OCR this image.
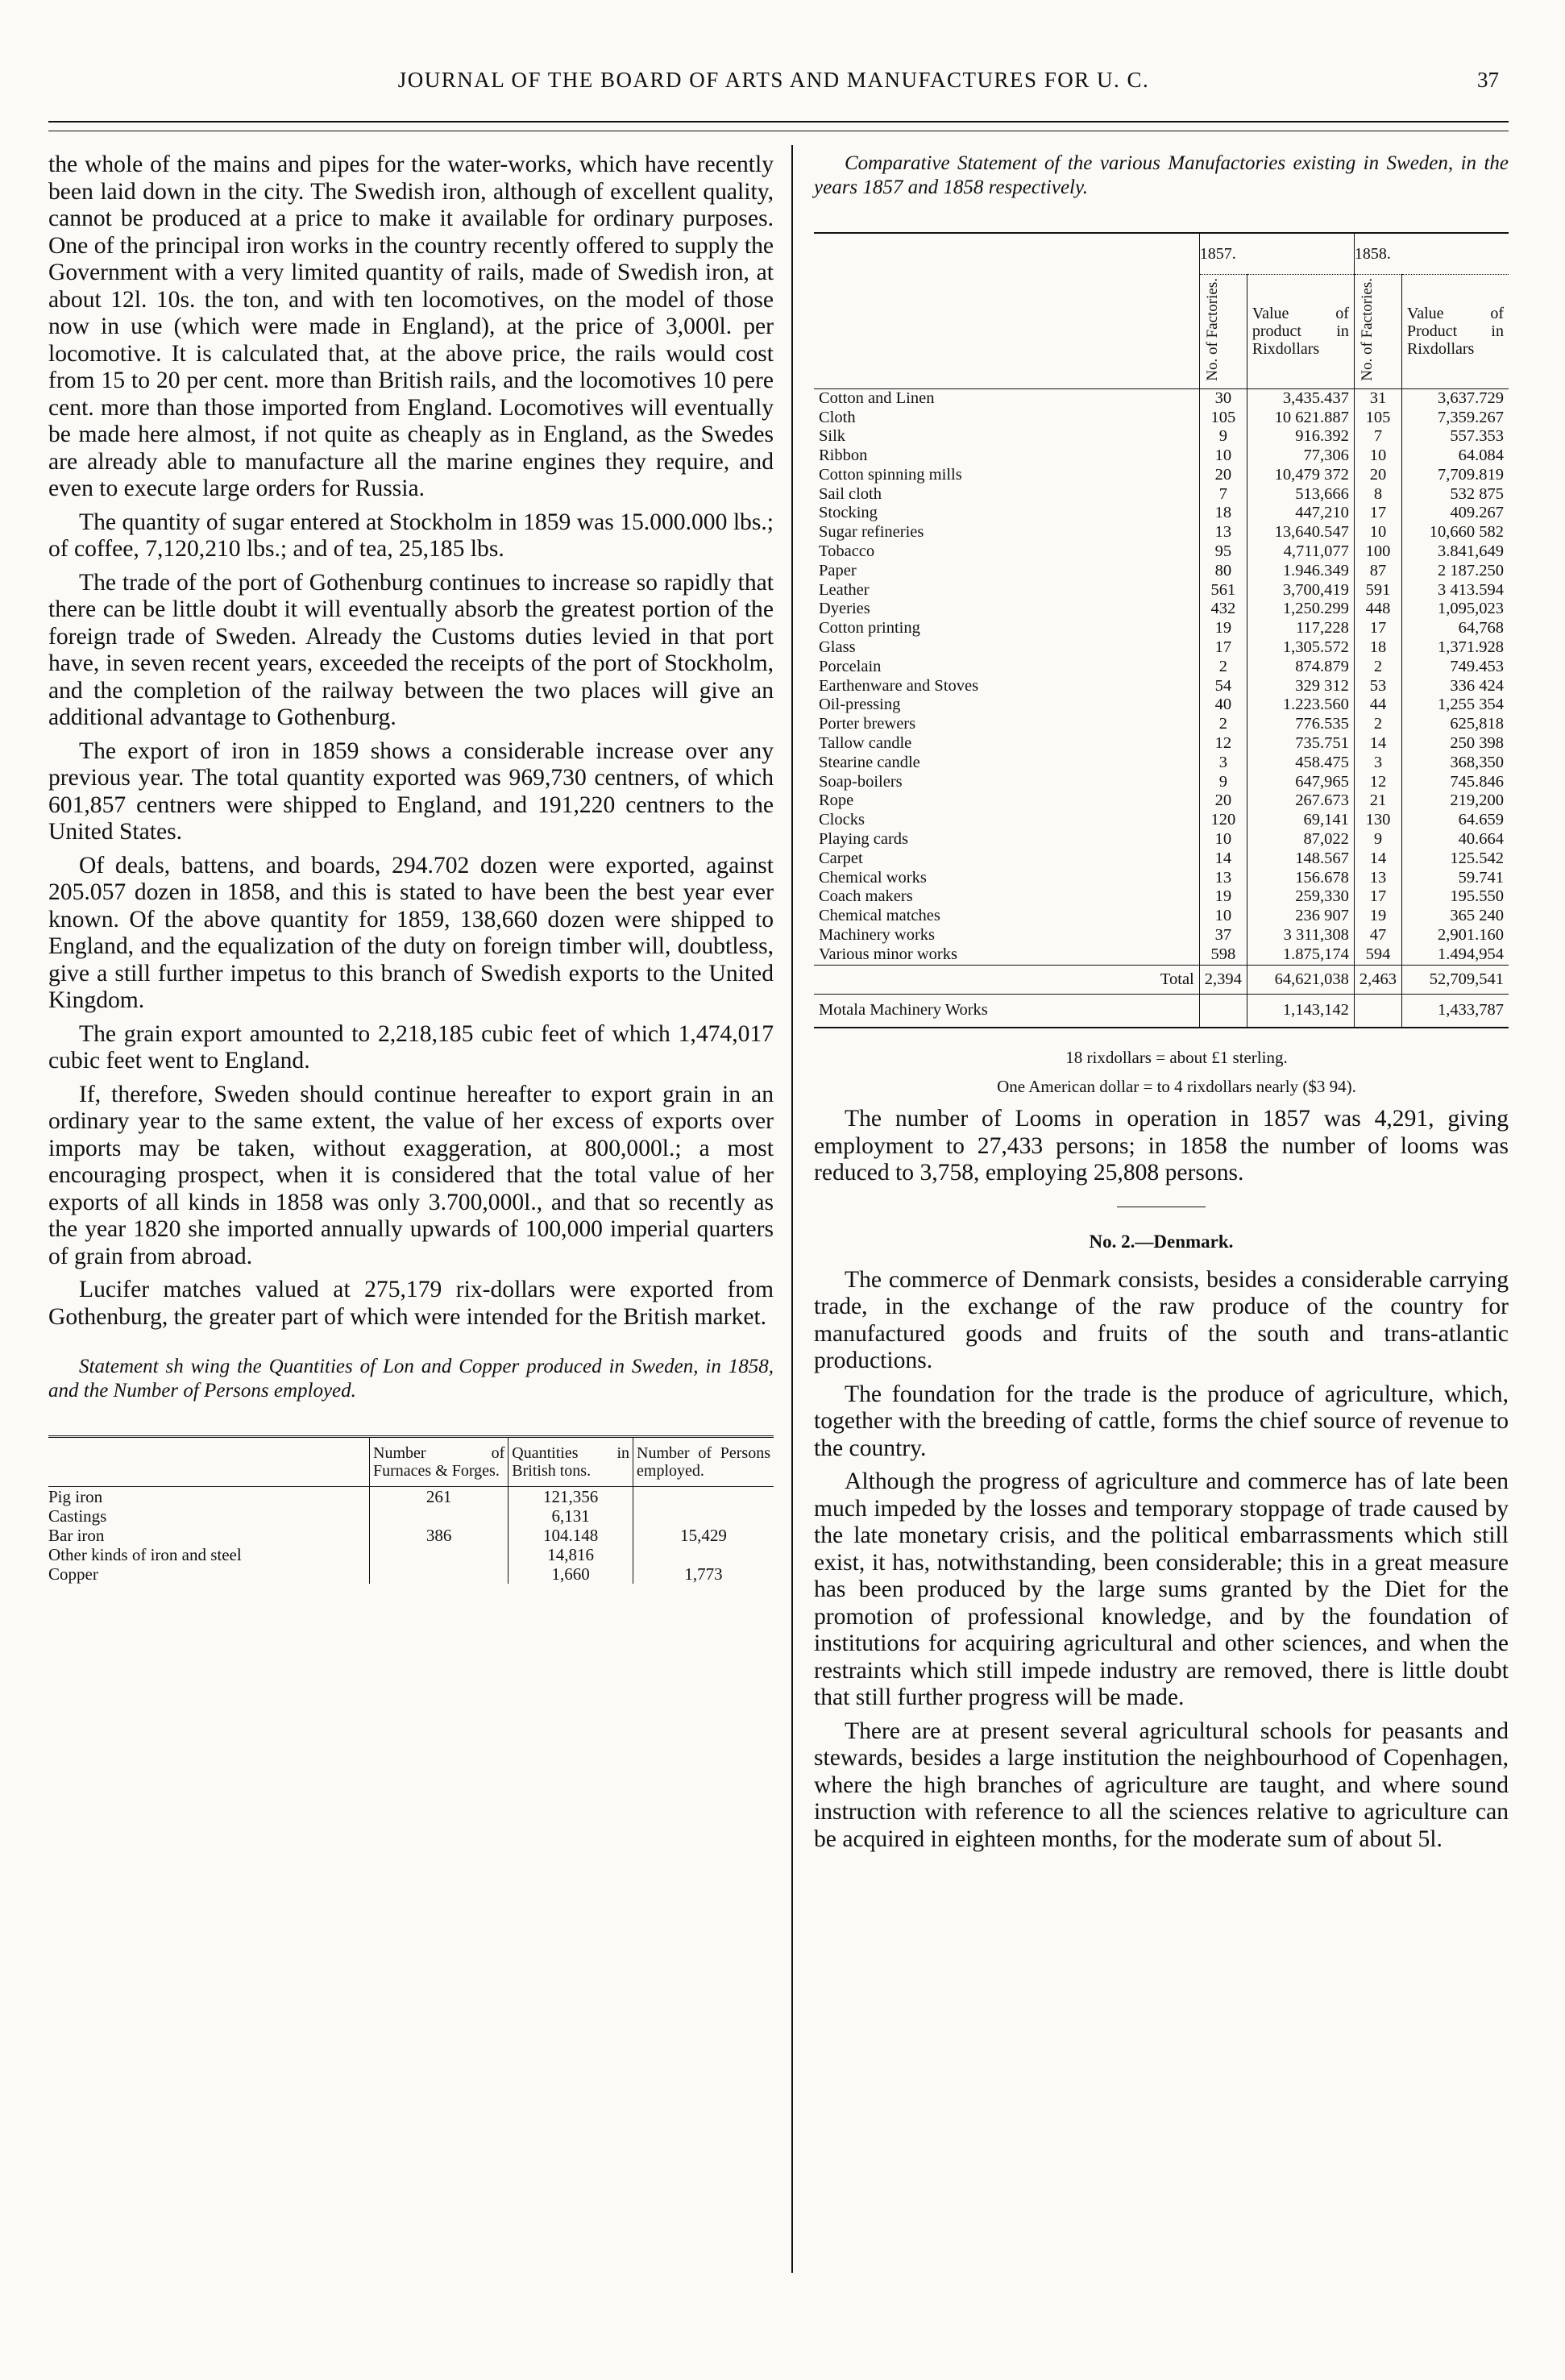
JOURNAL OF THE BOARD OF ARTS AND MANUFACTURES FOR U. C.	37

the whole of the mains and pipes for the water-works, which have recently been laid down in the city. The Swedish iron, although of excellent quality, cannot be produced at a price to make it available for ordinary purposes. One of the principal iron works in the country recently offered to supply the Government with a very limited quantity of rails, made of Swedish iron, at about 12l. 10s. the ton, and with ten locomotives, on the model of those now in use (which were made in England), at the price of 3,000l. per locomotive. It is calculated that, at the above price, the rails would cost from 15 to 20 per cent. more than British rails, and the locomotives 10 pere cent. more than those imported from England. Locomotives will eventually be made here almost, if not quite as cheaply as in England, as the Swedes are already able to manufacture all the marine engines they require, and even to execute large orders for Russia.

The quantity of sugar entered at Stockholm in 1859 was 15.000.000 lbs.; of coffee, 7,120,210 lbs.; and of tea, 25,185 lbs.

The trade of the port of Gothenburg continues to increase so rapidly that there can be little doubt it will eventually absorb the greatest portion of the foreign trade of Sweden. Already the Customs duties levied in that port have, in seven recent years, exceeded the receipts of the port of Stockholm, and the completion of the railway between the two places will give an additional advantage to Gothenburg.

The export of iron in 1859 shows a considerable increase over any previous year. The total quantity exported was 969,730 centners, of which 601,857 centners were shipped to England, and 191,220 centners to the United States.

Of deals, battens, and boards, 294.702 dozen were exported, against 205.057 dozen in 1858, and this is stated to have been the best year ever known. Of the above quantity for 1859, 138,660 dozen were shipped to England, and the equalization of the duty on foreign timber will, doubtless, give a still further impetus to this branch of Swedish exports to the United Kingdom.

The grain export amounted to 2,218,185 cubic feet of which 1,474,017 cubic feet went to England.

If, therefore, Sweden should continue hereafter to export grain in an ordinary year to the same extent, the value of her excess of exports over imports may be taken, without exaggeration, at 800,000l.; a most encouraging prospect, when it is considered that the total value of her exports of all kinds in 1858 was only 3.700,000l., and that so recently as the year 1820 she imported annually upwards of 100,000 imperial quarters of grain from abroad.

Lucifer matches valued at 275,179 rix-dollars were exported from Gothenburg, the greater part of which were intended for the British market.

Statement sh wing the Quantities of Lon and Copper produced in Sweden, in 1858, and the Number of Persons employed.

	Number of Furnaces & Forges.	Quantities in British tons.	Number of Persons employed.
Pig iron	261	121,356	
Castings		6,131	
Bar iron	386	104.148	15,429
Other kinds of iron and steel		14,816	
Copper		1,660	1,773

Comparative Statement of the various Manufactories existing in Sweden, in the years 1857 and 1858 respectively.

	1857.		1858.	
	No. of Factories.	Value of product in Rixdollars	No. of Factories.	Value of Product in Rixdollars
Cotton and Linen	30	3,435.437	31	3,637.729
Cloth	105	10 621.887	105	7,359.267
Silk	9	916.392	7	557.353
Ribbon	10	77,306	10	64.084
Cotton spinning mills	20	10,479 372	20	7,709.819
Sail cloth	7	513,666	8	532 875
Stocking	18	447,210	17	409.267
Sugar refineries	13	13,640.547	10	10,660 582
Tobacco	95	4,711,077	100	3.841,649
Paper	80	1.946.349	87	2 187.250
Leather	561	3,700,419	591	3 413.594
Dyeries	432	1,250.299	448	1,095,023
Cotton printing	19	117,228	17	64,768
Glass	17	1,305.572	18	1,371.928
Porcelain	2	874.879	2	749.453
Earthenware and Stoves	54	329 312	53	336 424
Oil-pressing	40	1.223.560	44	1,255 354
Porter brewers	2	776.535	2	625,818
Tallow candle	12	735.751	14	250 398
Stearine candle	3	458.475	3	368,350
Soap-boilers	9	647,965	12	745.846
Rope	20	267.673	21	219,200
Clocks	120	69,141	130	64.659
Playing cards	10	87,022	9	40.664
Carpet	14	148.567	14	125.542
Chemical works	13	156.678	13	59.741
Coach makers	19	259,330	17	195.550
Chemical matches	10	236 907	19	365 240
Machinery works	37	3 311,308	47	2,901.160
Various minor works	598	1.875,174	594	1.494,954
Total	2,394	64,621,038	2,463	52,709,541
Motala Machinery Works		1,143,142		1,433,787

18 rixdollars = about £1 sterling.

One American dollar = to 4 rixdollars nearly ($3 94).

The number of Looms in operation in 1857 was 4,291, giving employment to 27,433 persons; in 1858 the number of looms was reduced to 3,758, employing 25,808 persons.

No. 2.—Denmark.

The commerce of Denmark consists, besides a considerable carrying trade, in the exchange of the raw produce of the country for manufactured goods and fruits of the south and trans-atlantic productions.

The foundation for the trade is the produce of agriculture, which, together with the breeding of cattle, forms the chief source of revenue to the country.

Although the progress of agriculture and commerce has of late been much impeded by the losses and temporary stoppage of trade caused by the late monetary crisis, and the political embarrassments which still exist, it has, notwithstanding, been considerable; this in a great measure has been produced by the large sums granted by the Diet for the promotion of professional knowledge, and by the foundation of institutions for acquiring agricultural and other sciences, and when the restraints which still impede industry are removed, there is little doubt that still further progress will be made.

There are at present several agricultural schools for peasants and stewards, besides a large institution the neighbourhood of Copenhagen, where the high branches of agriculture are taught, and where sound instruction with reference to all the sciences relative to agriculture can be acquired in eighteen months, for the moderate sum of about 5l.
